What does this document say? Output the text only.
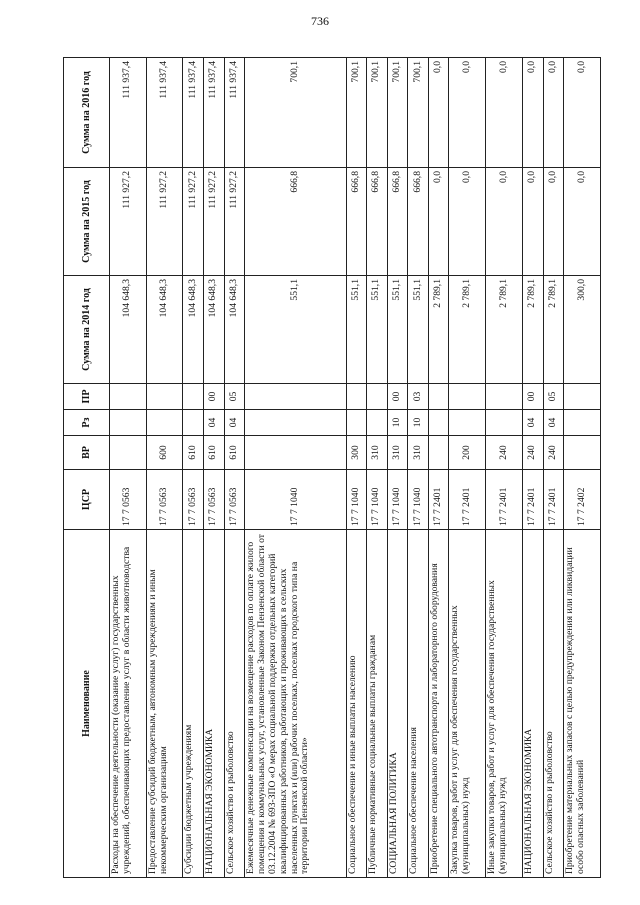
736
Наименование	ЦСР	ВР	Рз	ПР	Сумма на 2014 год	Сумма на 2015 год	Сумма на 2016 год
Расходы на обеспечение деятельности (оказание услуг) государственных учреждений, обеспечивающих предоставление услуг в области животноводства	17 7 0563				104 648,3	111 927,2	111 937,4
Предоставление субсидий бюджетным, автономным учреждениям и иным некоммерческим организациям	17 7 0563	600			104 648,3	111 927,2	111 937,4
Субсидии бюджетным учреждениям	17 7 0563	610			104 648,3	111 927,2	111 937,4
НАЦИОНАЛЬНАЯ ЭКОНОМИКА	17 7 0563	610	04	00	104 648,3	111 927,2	111 937,4
Сельское хозяйство и рыболовство	17 7 0563	610	04	05	104 648,3	111 927,2	111 937,4
Ежемесячные денежные компенсации на возмещение расходов по оплате жилого помещения и коммунальных услуг, установленные Законом Пензенской области от 03.12.2004 № 693-ЗПО «О мерах социальной поддержки отдельных категорий квалифицированных работников, работающих и проживающих в сельских населенных пунктах и (или) рабочих поселках, поселках городского типа на территории Пензенской области»	17 7 1040				551,1	666,8	700,1
Социальное обеспечение и иные выплаты населению	17 7 1040	300			551,1	666,8	700,1
Публичные нормативные социальные выплаты гражданам	17 7 1040	310			551,1	666,8	700,1
СОЦИАЛЬНАЯ ПОЛИТИКА	17 7 1040	310	10	00	551,1	666,8	700,1
Социальное обеспечение населения	17 7 1040	310	10	03	551,1	666,8	700,1
Приобретение специального автотранспорта и лабораторного оборудования	17 7 2401				2 789,1	0,0	0,0
Закупка товаров, работ и услуг для обеспечения государственных (муниципальных) нужд	17 7 2401	200			2 789,1	0,0	0,0
Иные закупки товаров, работ и услуг для обеспечения государственных (муниципальных) нужд	17 7 2401	240			2 789,1	0,0	0,0
НАЦИОНАЛЬНАЯ ЭКОНОМИКА	17 7 2401	240	04	00	2 789,1	0,0	0,0
Сельское хозяйство и рыболовство	17 7 2401	240	04	05	2 789,1	0,0	0,0
Приобретение материальных запасов с целью предупреждения или ликвидации особо опасных заболеваний	17 7 2402				300,0	0,0	0,0
